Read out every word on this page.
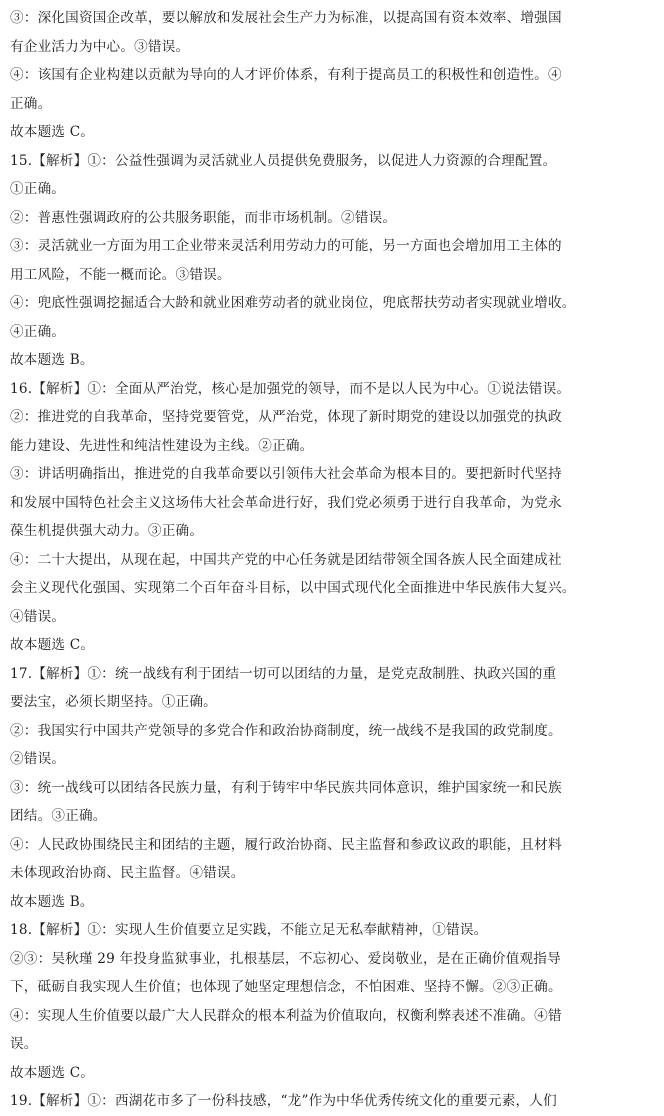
③：深化国资国企改革，要以解放和发展社会生产力为标准，以提高国有资本效率、增强国
有企业活力为中心。③错误。
④：该国有企业构建以贡献为导向的人才评价体系，有利于提高员工的积极性和创造性。④
正确。
故本题选 C。
15.【解析】①：公益性强调为灵活就业人员提供免费服务，以促进人力资源的合理配置。
①正确。
②：普惠性强调政府的公共服务职能，而非市场机制。②错误。
③：灵活就业一方面为用工企业带来灵活利用劳动力的可能，另一方面也会增加用工主体的
用工风险，不能一概而论。③错误。
④：兜底性强调挖掘适合大龄和就业困难劳动者的就业岗位，兜底帮扶劳动者实现就业增收。
④正确。
故本题选 B。
16.【解析】①：全面从严治党，核心是加强党的领导，而不是以人民为中心。①说法错误。
②：推进党的自我革命，坚持党要管党，从严治党，体现了新时期党的建设以加强党的执政
能力建设、先进性和纯洁性建设为主线。②正确。
③：讲话明确指出，推进党的自我革命要以引领伟大社会革命为根本目的。要把新时代坚持
和发展中国特色社会主义这场伟大社会革命进行好，我们党必须勇于进行自我革命，为党永
葆生机提供强大动力。③正确。
④：二十大提出，从现在起，中国共产党的中心任务就是团结带领全国各族人民全面建成社
会主义现代化强国、实现第二个百年奋斗目标，以中国式现代化全面推进中华民族伟大复兴。
④错误。
故本题选 C。
17.【解析】①：统一战线有利于团结一切可以团结的力量，是党克敌制胜、执政兴国的重
要法宝，必须长期坚持。①正确。
②：我国实行中国共产党领导的多党合作和政治协商制度，统一战线不是我国的政党制度。
②错误。
③：统一战线可以团结各民族力量，有利于铸牢中华民族共同体意识，维护国家统一和民族
团结。③正确。
④：人民政协围绕民主和团结的主题，履行政治协商、民主监督和参政议政的职能，且材料
未体现政治协商、民主监督。④错误。
故本题选 B。
18.【解析】①：实现人生价值要立足实践，不能立足无私奉献精神，①错误。
②③：吴秋瑾 29 年投身监狱事业，扎根基层，不忘初心、爱岗敬业，是在正确价值观指导
下，砥砺自我实现人生价值；也体现了她坚定理想信念，不怕困难、坚持不懈。②③正确。
④：实现人生价值要以最广大人民群众的根本利益为价值取向，权衡利弊表述不准确。④错
误。
故本题选 C。
19.【解析】①：西湖花市多了一份科技感，“龙”作为中华优秀传统文化的重要元素，人们
